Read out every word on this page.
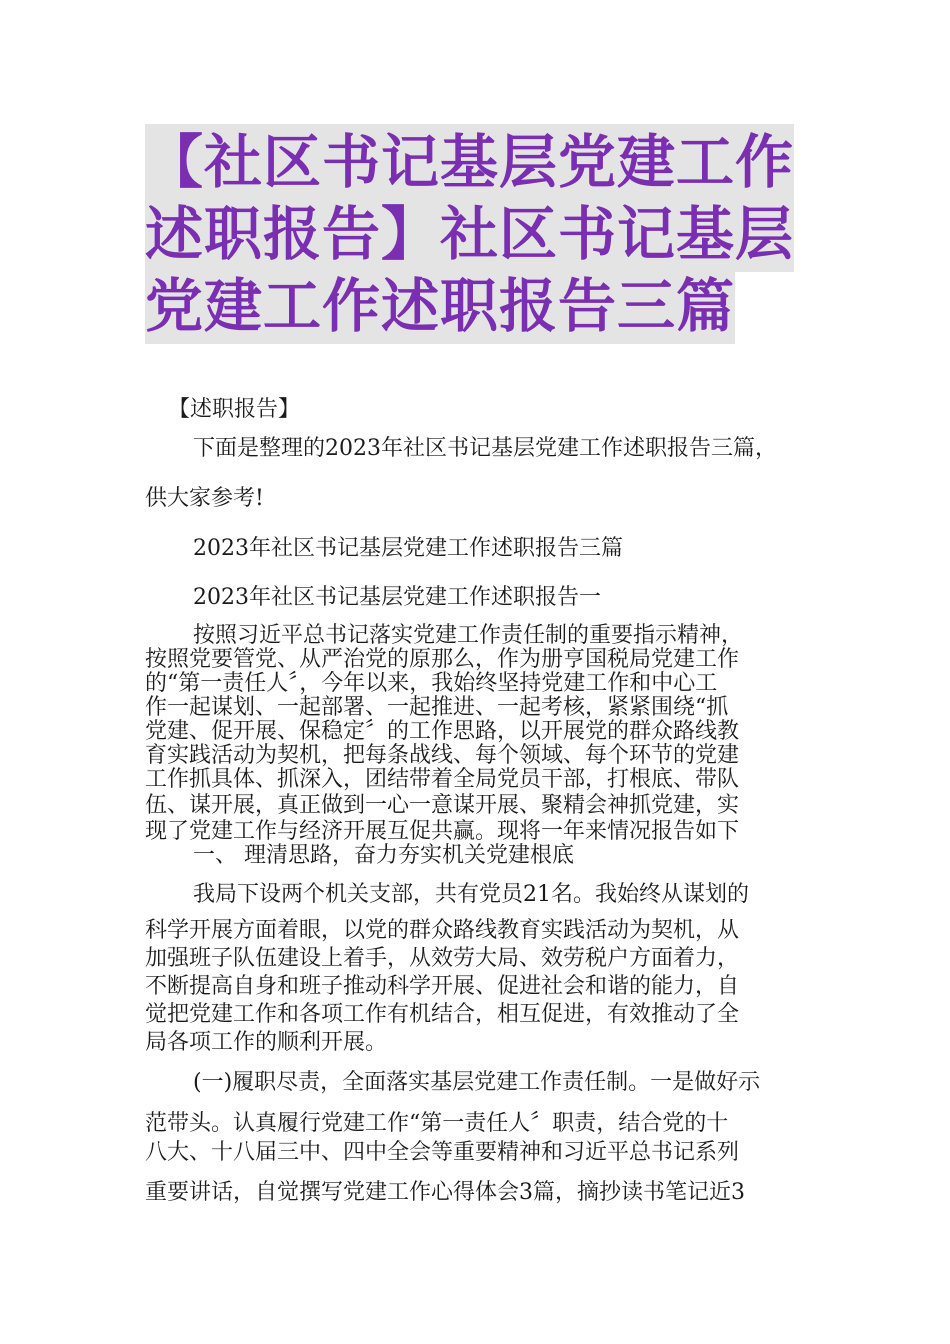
【社区书记基层党建工作
述职报告】社区书记基层
党建工作述职报告三篇

【述职报告】

下面是整理的2023年社区书记基层党建工作述职报告三篇，

供大家参考!

2023年社区书记基层党建工作述职报告三篇

2023年社区书记基层党建工作述职报告一

按照习近平总书记落实党建工作责任制的重要指示精神，

按照党要管党、从严治党的原那么，作为册亨国税局党建工作

的“第一责任人〞，今年以来，我始终坚持党建工作和中心工

作一起谋划、一起部署、一起推进、一起考核，紧紧围绕“抓

党建、促开展、保稳定〞的工作思路，以开展党的群众路线教

育实践活动为契机，把每条战线、每个领域、每个环节的党建

工作抓具体、抓深入，团结带着全局党员干部，打根底、带队

伍、谋开展，真正做到一心一意谋开展、聚精会神抓党建，实

现了党建工作与经济开展互促共赢。现将一年来情况报告如下

一、 理清思路，奋力夯实机关党建根底

我局下设两个机关支部，共有党员21名。我始终从谋划的

科学开展方面着眼，以党的群众路线教育实践活动为契机，从

加强班子队伍建设上着手，从效劳大局、效劳税户方面着力，

不断提高自身和班子推动科学开展、促进社会和谐的能力，自

觉把党建工作和各项工作有机结合，相互促进，有效推动了全

局各项工作的顺利开展。

(一)履职尽责，全面落实基层党建工作责任制。一是做好示

范带头。认真履行党建工作“第一责任人〞职责，结合党的十

八大、十八届三中、四中全会等重要精神和习近平总书记系列

重要讲话，自觉撰写党建工作心得体会3篇，摘抄读书笔记近3
